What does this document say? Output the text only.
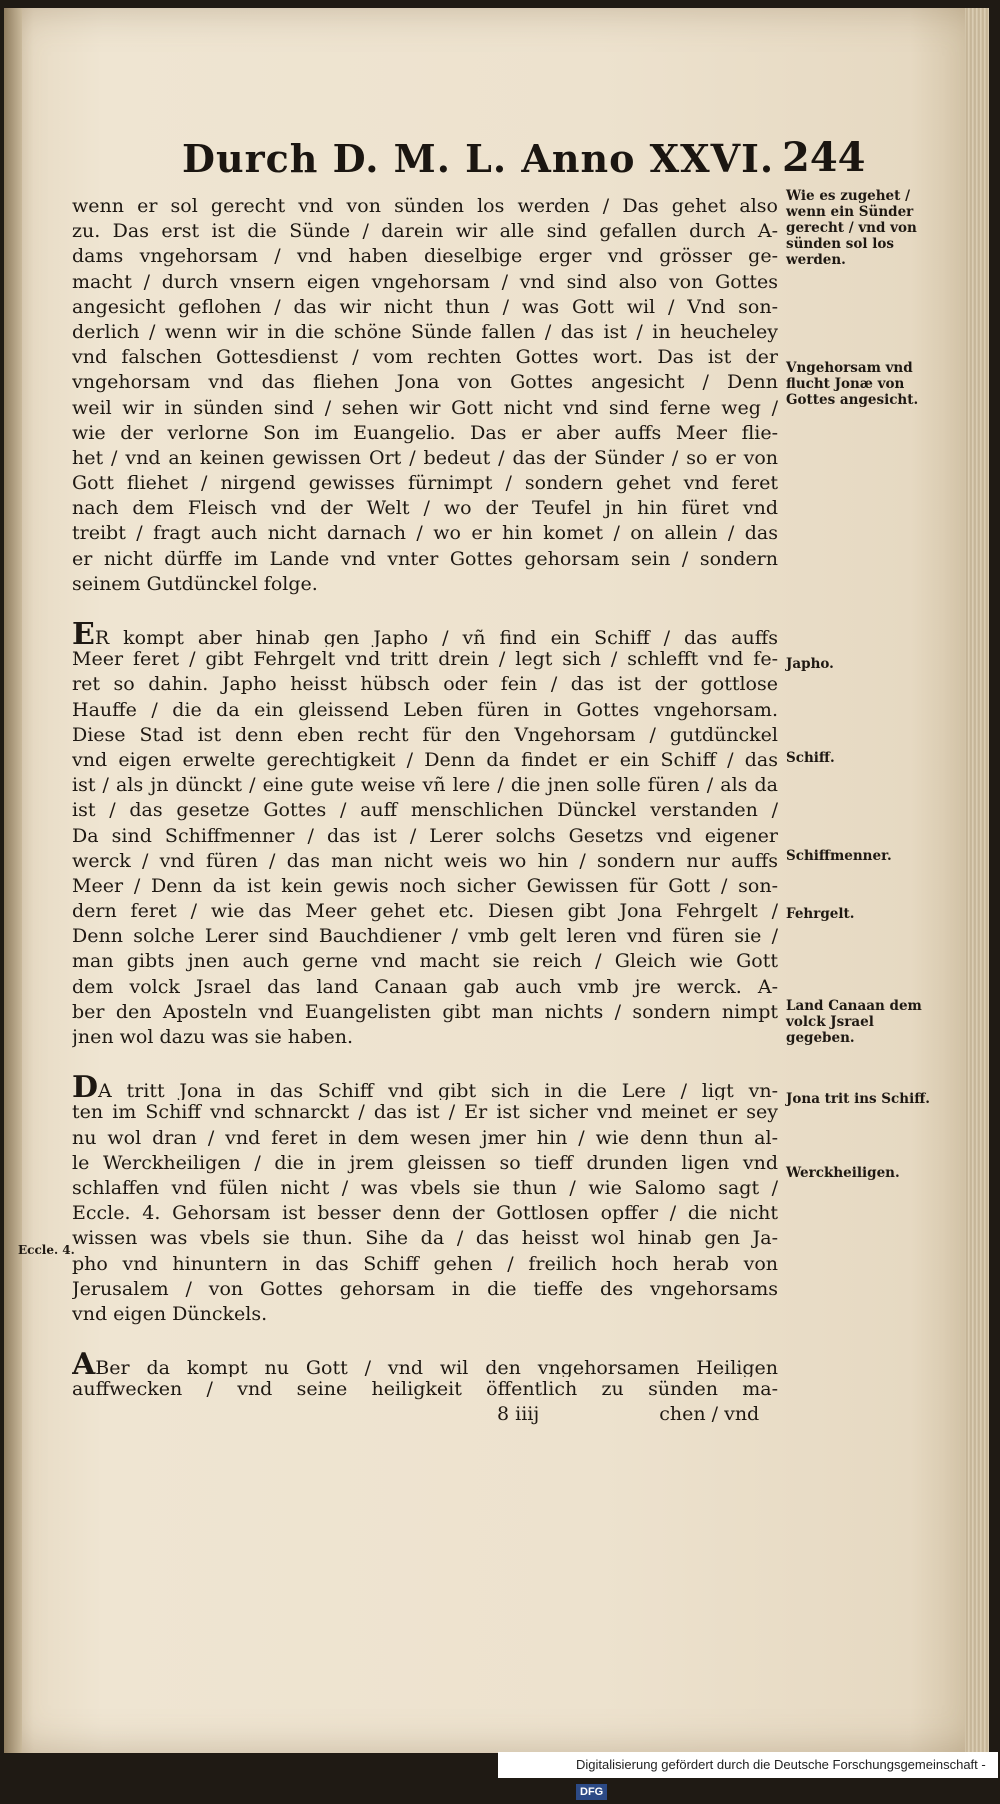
Durch D. M. L. Anno XXVI. 244
wenn er sol gerecht vnd von sünden los werden / Das gehet also
zu. Das erst ist die Sünde / darein wir alle sind gefallen durch A-
dams vngehorsam / vnd haben dieselbige erger vnd grösser ge-
macht / durch vnsern eigen vngehorsam / vnd sind also von Gottes
angesicht geflohen / das wir nicht thun / was Gott wil / Vnd son-
derlich / wenn wir in die schöne Sünde fallen / das ist / in heucheley
vnd falschen Gottesdienst / vom rechten Gottes wort. Das ist der
vngehorsam vnd das fliehen Jona von Gottes angesicht / Denn
weil wir in sünden sind / sehen wir Gott nicht vnd sind ferne weg /
wie der verlorne Son im Euangelio. Das er aber auffs Meer flie-
het / vnd an keinen gewissen Ort / bedeut / das der Sünder / so er von
Gott fliehet / nirgend gewisses fürnimpt / sondern gehet vnd feret
nach dem Fleisch vnd der Welt / wo der Teufel jn hin füret vnd
treibt / fragt auch nicht darnach / wo er hin komet / on allein / das
er nicht dürffe im Lande vnd vnter Gottes gehorsam sein / sondern
seinem Gutdünckel folge.
ER kompt aber hinab gen Japho / vñ find ein Schiff / das auffs
Meer feret / gibt Fehrgelt vnd tritt drein / legt sich / schlefft vnd fe-
ret so dahin. Japho heisst hübsch oder fein / das ist der gottlose
Hauffe / die da ein gleissend Leben füren in Gottes vngehorsam.
Diese Stad ist denn eben recht für den Vngehorsam / gutdünckel
vnd eigen erwelte gerechtigkeit / Denn da findet er ein Schiff / das
ist / als jn dünckt / eine gute weise vñ lere / die jnen solle füren / als da
ist / das gesetze Gottes / auff menschlichen Dünckel verstanden /
Da sind Schiffmenner / das ist / Lerer solchs Gesetzs vnd eigener
werck / vnd füren / das man nicht weis wo hin / sondern nur auffs
Meer / Denn da ist kein gewis noch sicher Gewissen für Gott / son-
dern feret / wie das Meer gehet etc. Diesen gibt Jona Fehrgelt /
Denn solche Lerer sind Bauchdiener / vmb gelt leren vnd füren sie /
man gibts jnen auch gerne vnd macht sie reich / Gleich wie Gott
dem volck Jsrael das land Canaan gab auch vmb jre werck. A-
ber den Aposteln vnd Euangelisten gibt man nichts / sondern nimpt
jnen wol dazu was sie haben.
DA tritt Jona in das Schiff vnd gibt sich in die Lere / ligt vn-
ten im Schiff vnd schnarckt / das ist / Er ist sicher vnd meinet er sey
nu wol dran / vnd feret in dem wesen jmer hin / wie denn thun al-
le Werckheiligen / die in jrem gleissen so tieff drunden ligen vnd
schlaffen vnd fülen nicht / was vbels sie thun / wie Salomo sagt /
Eccle. 4. Gehorsam ist besser denn der Gottlosen opffer / die nicht
wissen was vbels sie thun. Sihe da / das heisst wol hinab gen Ja-
pho vnd hinuntern in das Schiff gehen / freilich hoch herab von
Jerusalem / von Gottes gehorsam in die tieffe des vngehorsams
vnd eigen Dünckels.
ABer da kompt nu Gott / vnd wil den vngehorsamen Heiligen
auffwecken / vnd seine heiligkeit öffentlich zu sünden ma-
8 iiij	chen / vnd
Eccle. 4.
Wie es zugehet / wenn ein Sünder gerecht / vnd von sünden sol los werden.
Vngehorsam vnd flucht Jonæ von Gottes angesicht.
Japho.
Schiff.
Schiffmenner.
Fehrgelt.
Land Canaan dem volck Jsrael gegeben.
Jona trit ins Schiff.
Werckheiligen.
Digitalisierung gefördert durch die Deutsche Forschungsgemeinschaft -DFG
